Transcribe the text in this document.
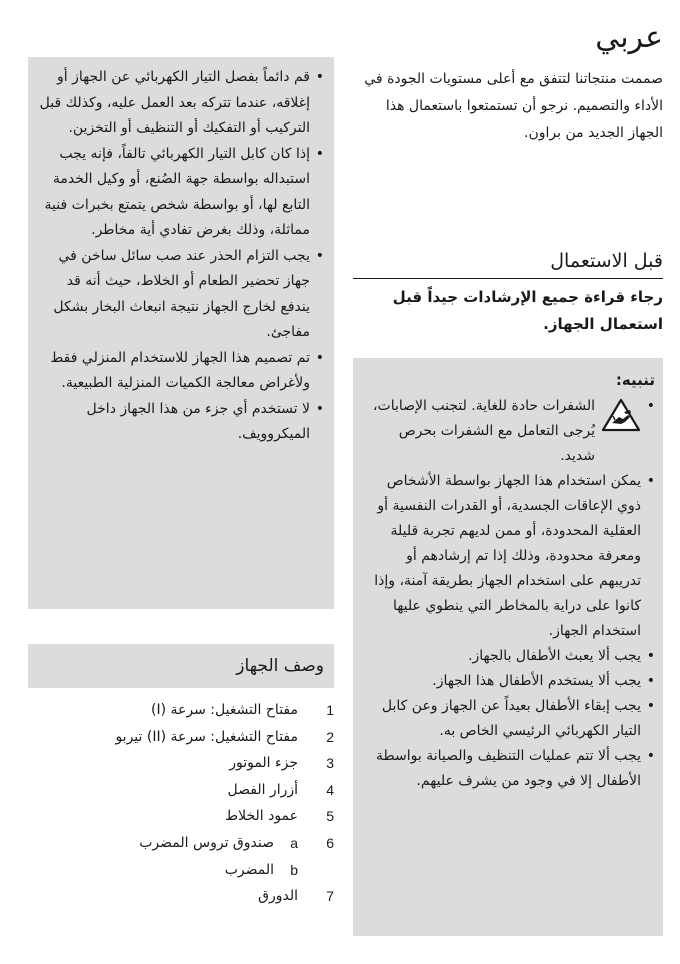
عربي

صممت منتجاتنا لتتفق مع أعلى مستويات الجودة في الأداء والتصميم. نرجو أن تستمتعوا باستعمال هذا الجهاز الجديد من براون.

قبل الاستعمال
رجاء قراءة جميع الإرشادات جيداً قبل استعمال الجهاز.
تنبيه:
• الشفرات حادة للغاية. لتجنب الإصابات، يُرجى التعامل مع الشفرات بحرص شديد.
• يمكن استخدام هذا الجهاز بواسطة الأشخاص ذوي الإعاقات الجسدية، أو القدرات النفسية أو العقلية المحدودة، أو ممن لديهم تجربة قليلة ومعرفة محدودة، وذلك إذا تم إرشادهم أو تدريبهم على استخدام الجهاز بطريقة آمنة، وإذا كانوا على دراية بالمخاطر التي ينطوي عليها استخدام الجهاز.
• يجب ألا يعبث الأطفال بالجهاز.
• يجب ألا يستخدم الأطفال هذا الجهاز.
• يجب إبقاء الأطفال بعيداً عن الجهاز وعن كابل التيار الكهربائي الرئيسي الخاص به.
• يجب ألا تتم عمليات التنظيف والصيانة بواسطة الأطفال إلا في وجود من يشرف عليهم.
• قم دائماً بفصل التيار الكهربائي عن الجهاز أو إغلاقه، عندما تتركه بعد العمل عليه، وكذلك قبل التركيب أو التفكيك أو التنظيف أو التخزين.
• إذا كان كابل التيار الكهربائي تالفاً، فإنه يجب استبداله بواسطة جهة الصُنع، أو وكيل الخدمة التابع لها، أو بواسطة شخص يتمتع بخبرات فنية مماثلة، وذلك بغرض تفادي أية مخاطر.
• يجب التزام الحذر عند صب سائل ساخن في جهاز تحضير الطعام أو الخلاط، حيث أنه قد يندفع لخارج الجهاز نتيجة انبعاث البخار بشكل مفاجئ.
• تم تصميم هذا الجهاز للاستخدام المنزلي فقط ولأغراض معالجة الكميات المنزلية الطبيعية.
• لا تستخدم أي جزء من هذا الجهاز داخل الميكروويف.
وصف الجهاز
1
مفتاح التشغيل: سرعة (I)
2
مفتاح التشغيل: سرعة (II) تيربو
3
جزء الموتور
4
أزرار الفصل
5
عمود الخلاط
6
a
صندوق تروس المضرب
b
المضرب
7
الدورق
